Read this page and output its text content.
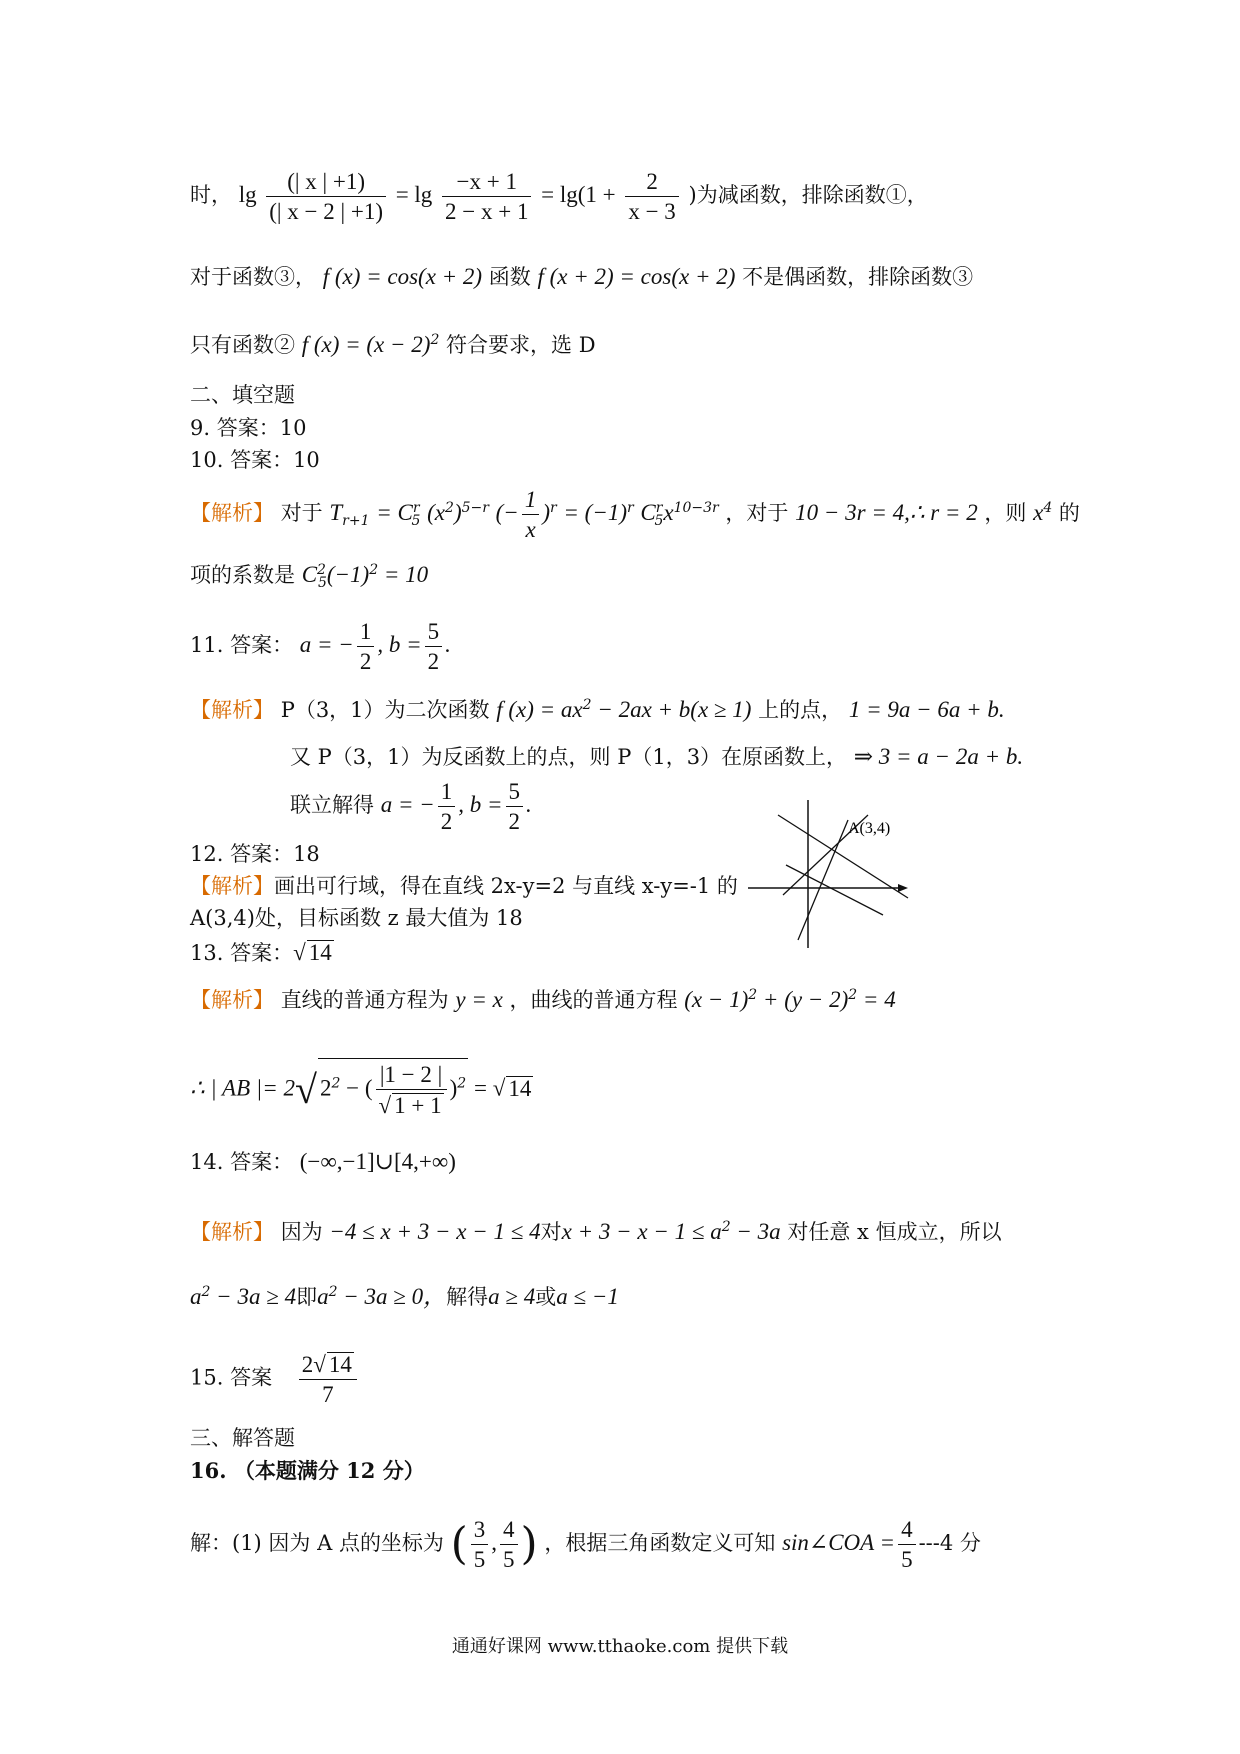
时， $\lg \frac{(| x | +1)}{(| x - 2 | +1)} = \lg \frac{-x + 1}{2 - x + 1} = \lg(1 + \frac{2}{x - 3}$ )为减函数，排除函数①，
对于函数③， f (x) = cos(x + 2) 函数 f (x + 2) = cos(x + 2) 不是偶函数，排除函数③
只有函数② f $(x) = (x - 2)^2$ 符合要求，选 D
二、填空题
9. 答案：10
10. 答案：10
【解析】 对于 $T_{r+1} = C^r_5$ $(x^2)^{5-r}$ (− $\frac{1}{x} )^r = (-1)^r$ $C^r_5x^{10-3r}$ ，对于 10 − 3r = 4,∴ r = 2 ，则 $x^4$ 的
项的系数是 $C^2_5(-1)^2 = 10$
11. 答案： a = − $\frac{1}{2}$ , $b = \frac{5}{2}$ .
【解析】 P（3，1）为二次函数 f $(x) = ax^2 - 2ax + b(x \ge 1)$ 上的点， 1 = 9a − 6a + b.
又 P（3，1）为反函数上的点，则 P（1，3）在原函数上， ⇒ 3 = a − 2a + b.
联立解得 a = − $\frac{1}{2}$ , $b = \frac{5}{2}$ .
12. 答案：18
【解析】画出可行域，得在直线 2x-y=2 与直线 x-y=-1 的
A(3,4)处，目标函数 z 最大值为 18
A(3,4)
13. 答案：√ 14
【解析】 直线的普通方程为 y = x ，曲线的普通方程 $(x - 1)^2 + (y - 2)^2 = 4$
∴ | AB |= 2√ $2^2$ − ( $\frac{|1 - 2 |}{√ 1 + 1} )^2$ = √ 14
14. 答案： (−∞,−1]∪[4,+∞)
【解析】 因为 −4 ≤ x + 3 − x − 1 ≤ 4对$x + 3 - x - 1 \le a^2 - 3a$ 对任意 x 恒成立，所以
$a^2 - 3a \ge 4$即$a^2 - 3a \ge 0$，解得a ≥ 4或a ≤ −1
15. 答案 $\frac{2√ 14}{7}$
三、解答题
16. （本题满分 12 分）
解：(1) 因为 A 点的坐标为 ( $\frac{3}{5}$ , $\frac{4}{5}$ ) ，根据三角函数定义可知 sin∠COA = $\frac{4}{5} ---4$ 分
通通好课网 www.tthaoke.com 提供下载
